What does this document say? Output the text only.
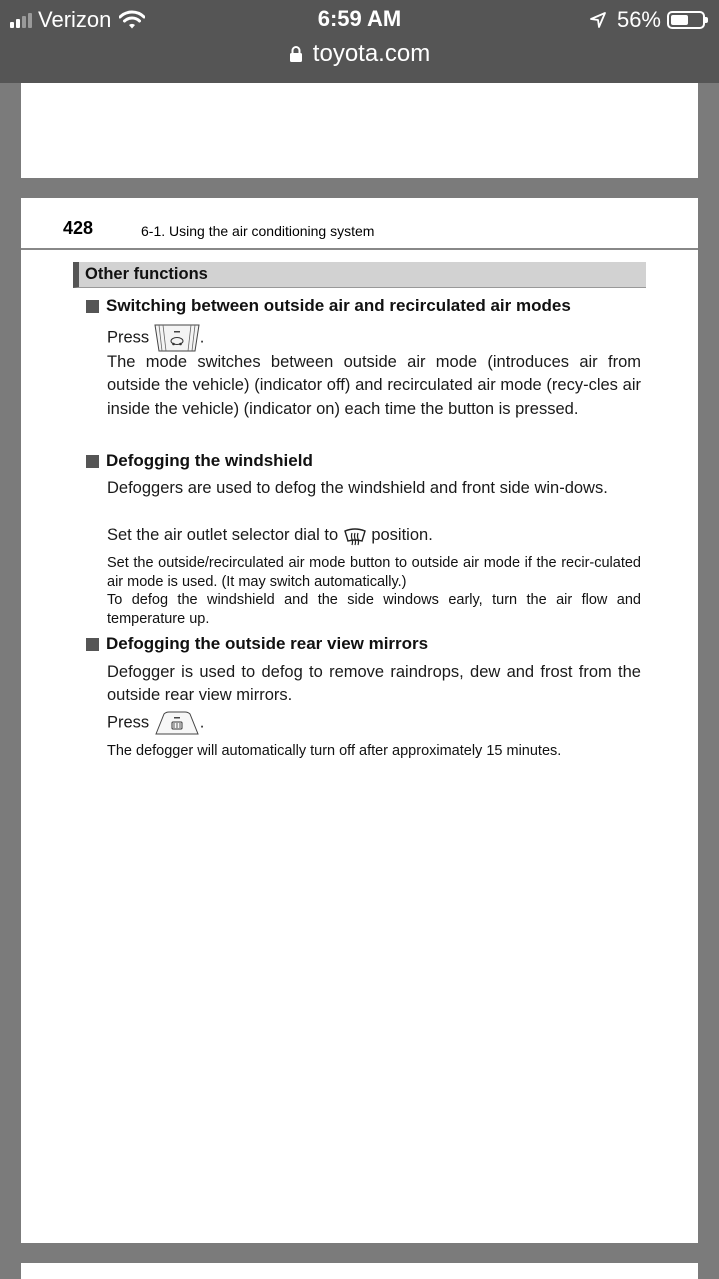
Verizon	6:59 AM	56%
toyota.com
428	6-1. Using the air conditioning system
Other functions
Switching between outside air and recirculated air modes
Press	.
The mode switches between outside air mode (introduces air from outside the vehicle) (indicator off) and recirculated air mode (recy-cles air inside the vehicle) (indicator on) each time the button is pressed.
Defogging the windshield
Defoggers are used to defog the windshield and front side win-dows.
Set the air outlet selector dial to position.
Set the outside/recirculated air mode button to outside air mode if the recir-culated air mode is used. (It may switch automatically.)
To defog the windshield and the side windows early, turn the air flow and temperature up.
Defogging the outside rear view mirrors
Defogger is used to defog to remove raindrops, dew and frost from the outside rear view mirrors.
Press	.
The defogger will automatically turn off after approximately 15 minutes.
